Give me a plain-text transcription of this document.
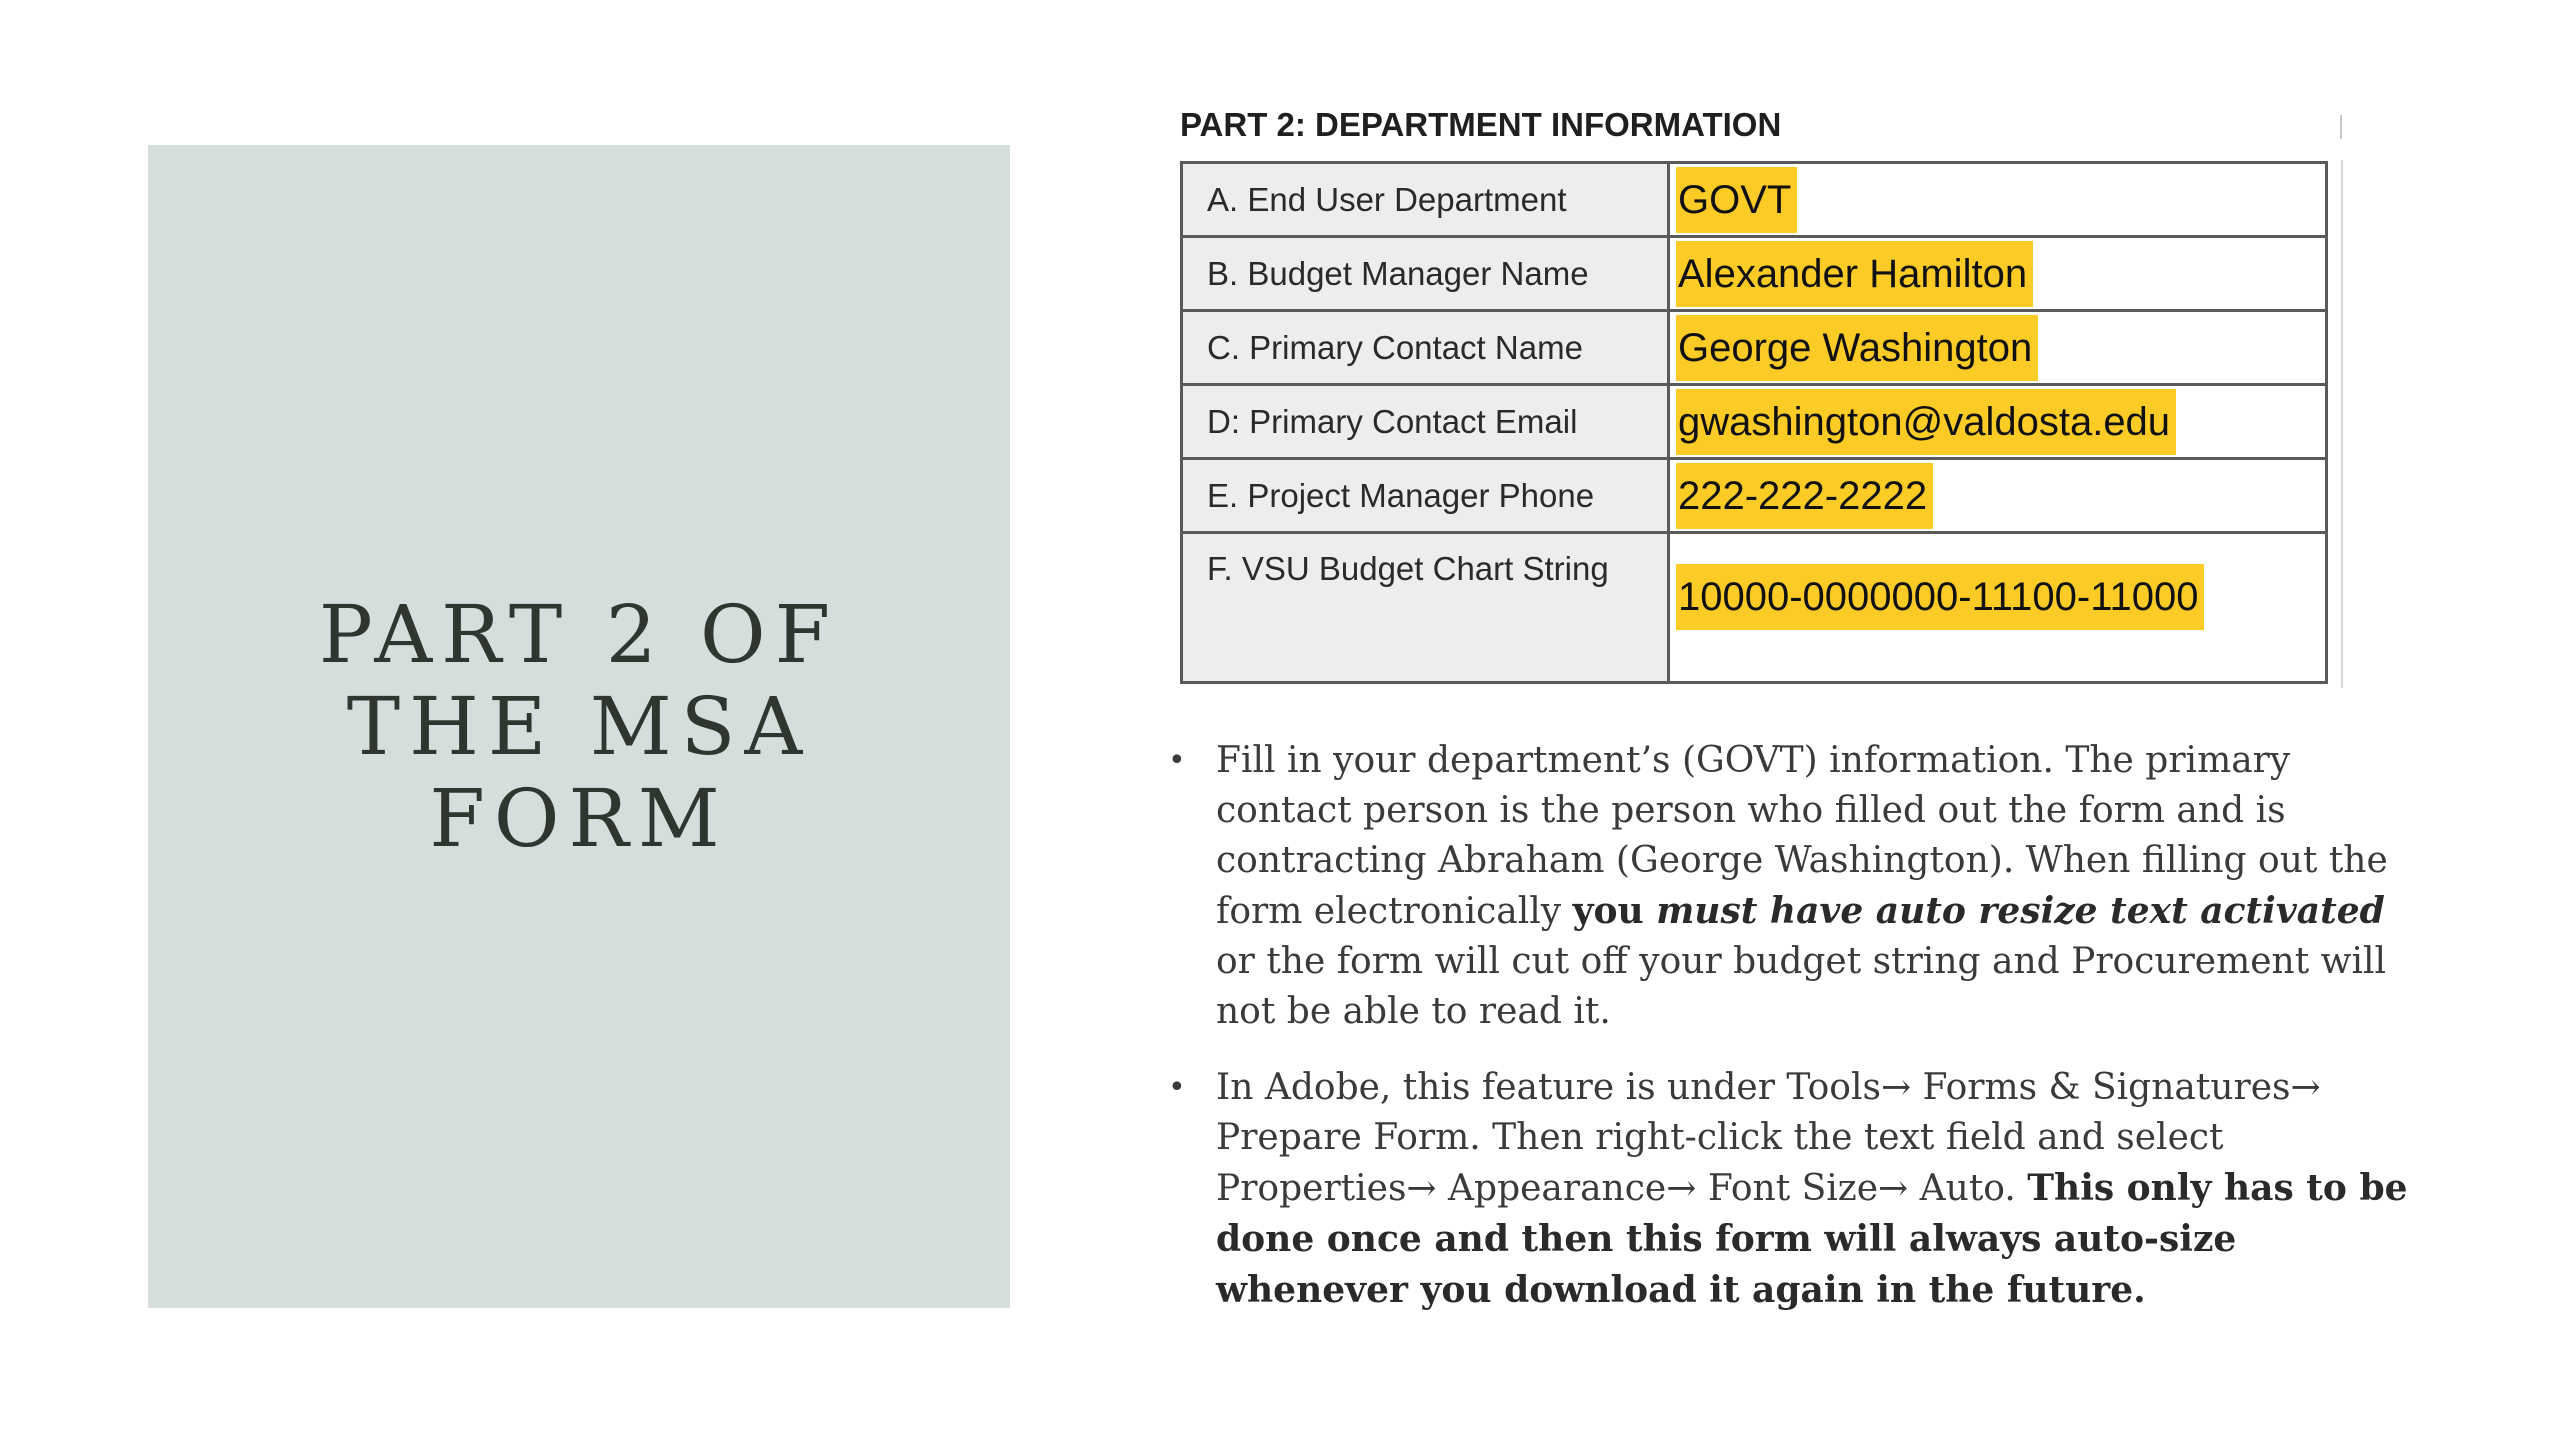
PART 2 OF
THE MSA
FORM
PART 2: DEPARTMENT INFORMATION
A. End User Department	GOVT
B. Budget Manager Name	Alexander Hamilton
C. Primary Contact Name	George Washington
D: Primary Contact Email	gwashington@valdosta.edu
E. Project Manager Phone	222-222-2222
F. VSU Budget Chart String	10000-0000000-11100-11000
• Fill in your department’s (GOVT) information. The primary contact person is the person who filled out the form and is contracting Abraham (George Washington). When filling out the form electronically you must have auto resize text activated or the form will cut off your budget string and Procurement will not be able to read it.
• In Adobe, this feature is under Tools→ Forms & Signatures→ Prepare Form. Then right-click the text field and select Properties→ Appearance→ Font Size→ Auto. This only has to be done once and then this form will always auto-size whenever you download it again in the future.
